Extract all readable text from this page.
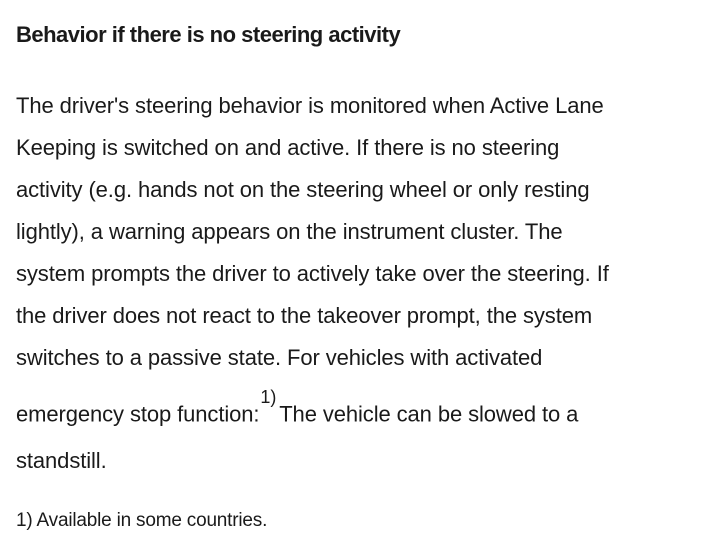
Behavior if there is no steering activity

The driver's steering behavior is monitored when Active Lane
Keeping is switched on and active. If there is no steering
activity (e.g. hands not on the steering wheel or only resting
lightly), a warning appears on the instrument cluster. The
system prompts the driver to actively take over the steering. If
the driver does not react to the takeover prompt, the system
switches to a passive state. For vehicles with activated
emergency stop function:$^{1)}$The vehicle can be slowed to a
standstill.

1) Available in some countries.
